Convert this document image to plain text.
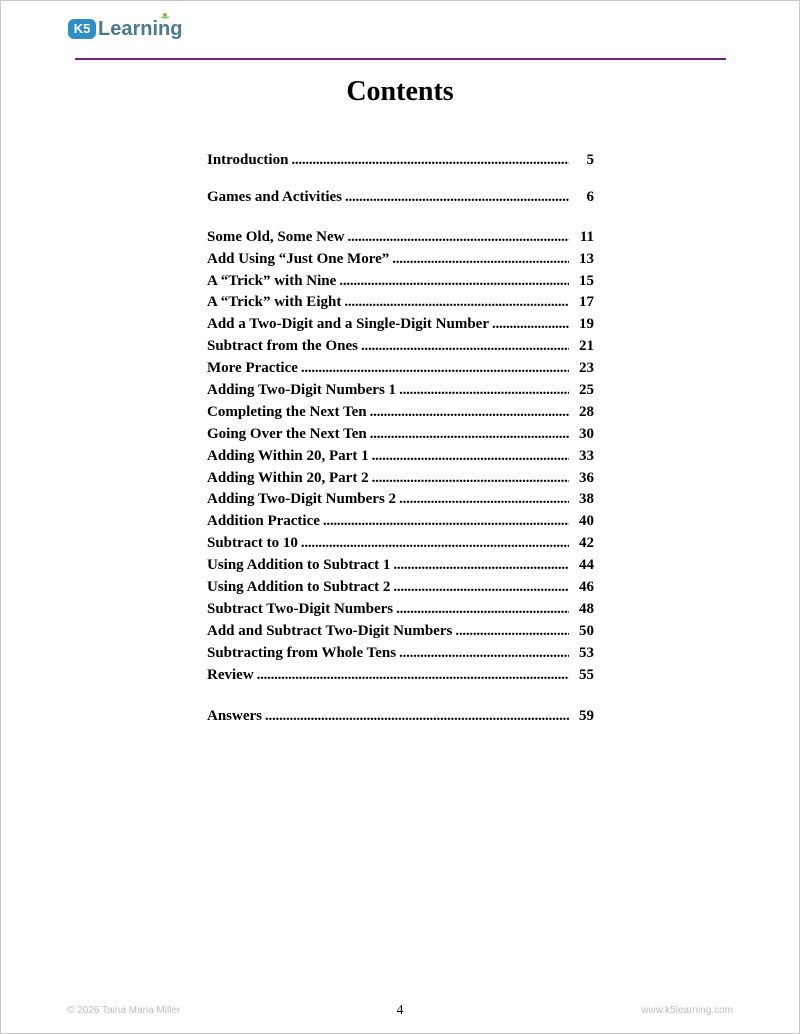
K5 Learning
Contents
Introduction . . .	5
Games and Activities . . .	6
Some Old, Some New . . .	11
Add Using “Just One More” . . .	13
A “Trick” with Nine . . .	15
A “Trick” with Eight . . .	17
Add a Two-Digit and a Single-Digit Number . . .	19
Subtract from the Ones . . .	21
More Practice . . .	23
Adding Two-Digit Numbers 1 . . .	25
Completing the Next Ten . . .	28
Going Over the Next Ten . . .	30
Adding Within 20, Part 1 . . .	33
Adding Within 20, Part 2 . . .	36
Adding Two-Digit Numbers 2 . . .	38
Addition Practice . . .	40
Subtract to 10 . . .	42
Using Addition to Subtract 1 . . .	44
Using Addition to Subtract 2 . . .	46
Subtract Two-Digit Numbers . . .	48
Add and Subtract Two-Digit Numbers . . .	50
Subtracting from Whole Tens . . .	53
Review . . .	55
Answers . . .	59
© 2026 Taina Maria Miller	4	www.k5learning.com
